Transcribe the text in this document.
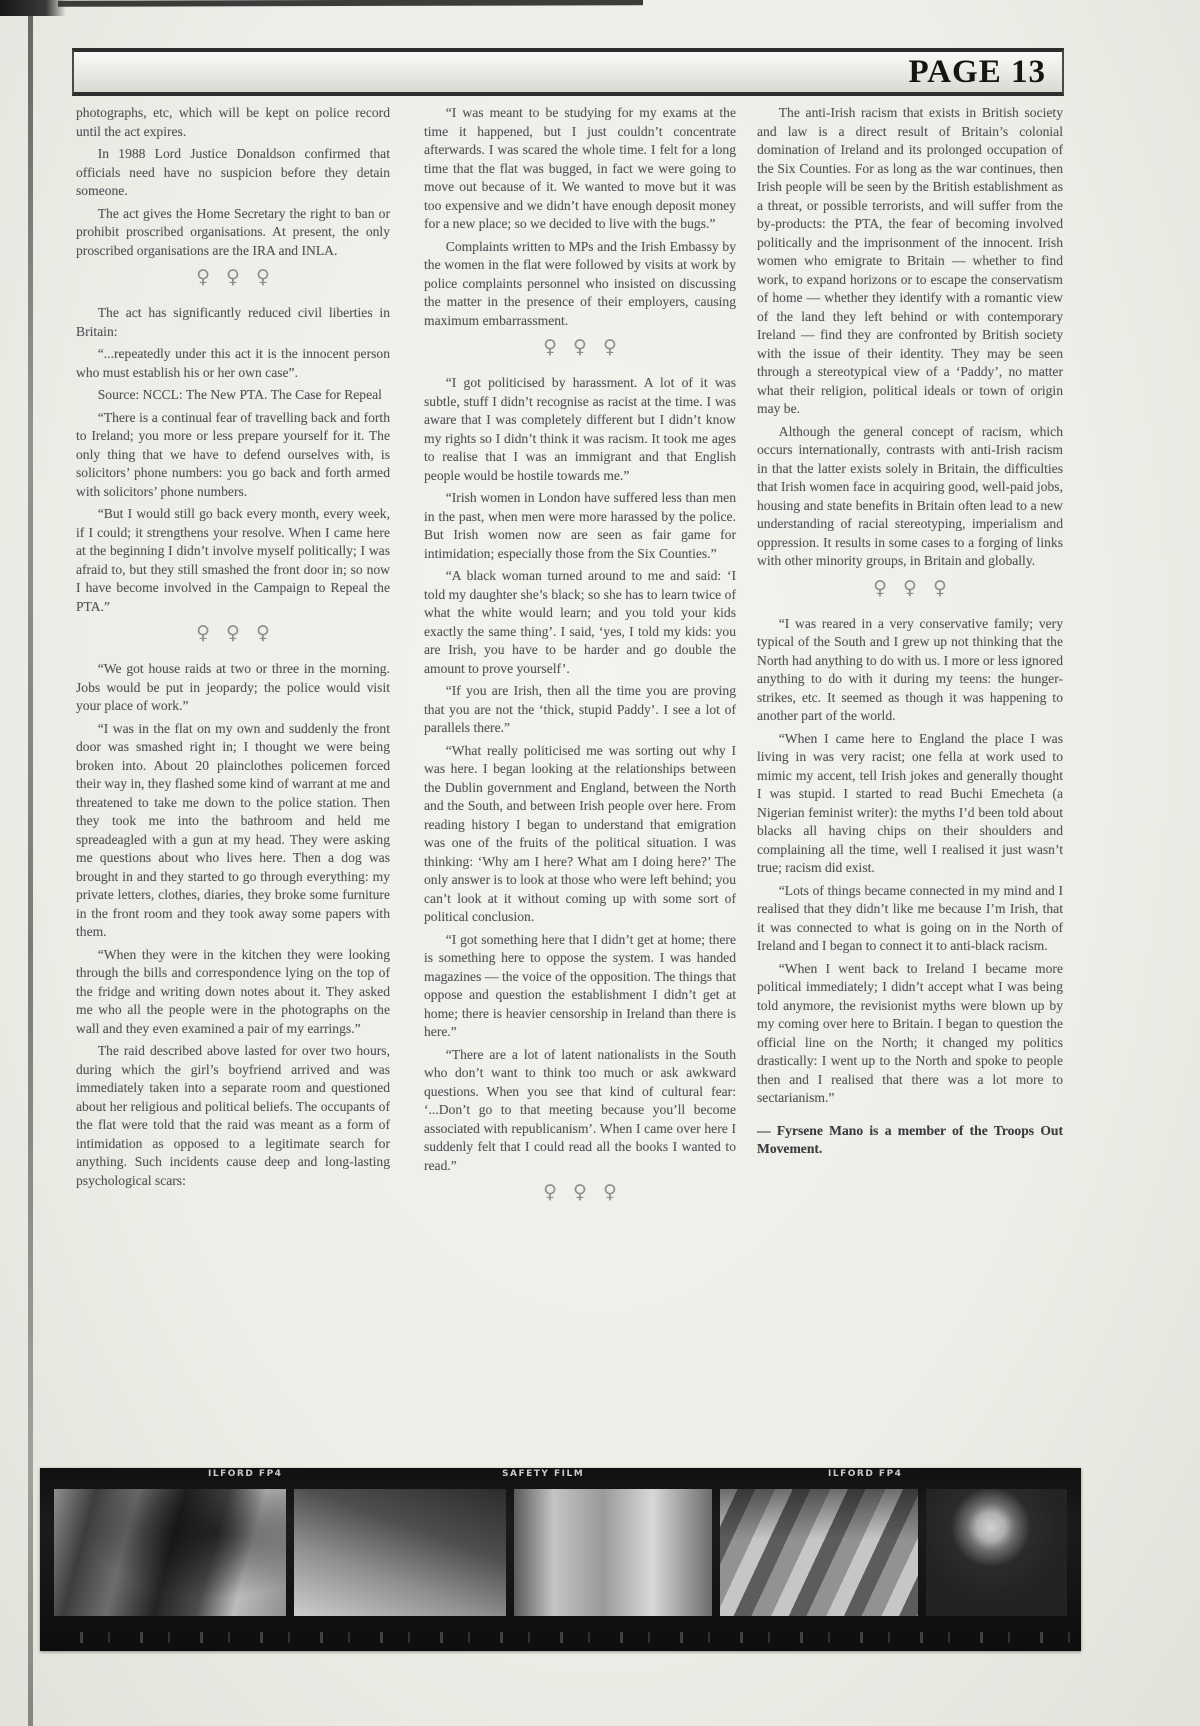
PAGE 13

photographs, etc, which will be kept on police record until the act expires.

In 1988 Lord Justice Donaldson confirmed that officials need have no suspicion before they detain someone.

The act gives the Home Secretary the right to ban or prohibit proscribed organisations. At present, the only proscribed organisations are the IRA and INLA.

♀♀♀

The act has significantly reduced civil liberties in Britain:

“...repeatedly under this act it is the innocent person who must establish his or her own case”.

Source: NCCL: The New PTA. The Case for Repeal

“There is a continual fear of travelling back and forth to Ireland; you more or less prepare yourself for it. The only thing that we have to defend ourselves with, is solicitors’ phone numbers: you go back and forth armed with solicitors’ phone numbers.

“But I would still go back every month, every week, if I could; it strengthens your resolve. When I came here at the beginning I didn’t involve myself politically; I was afraid to, but they still smashed the front door in; so now I have become involved in the Campaign to Repeal the PTA.”

♀♀♀

“We got house raids at two or three in the morning. Jobs would be put in jeopardy; the police would visit your place of work.”

“I was in the flat on my own and suddenly the front door was smashed right in; I thought we were being broken into. About 20 plainclothes policemen forced their way in, they flashed some kind of warrant at me and threatened to take me down to the police station. Then they took me into the bathroom and held me spreadeagled with a gun at my head. They were asking me questions about who lives here. Then a dog was brought in and they started to go through everything: my private letters, clothes, diaries, they broke some furniture in the front room and they took away some papers with them.

“When they were in the kitchen they were looking through the bills and correspondence lying on the top of the fridge and writing down notes about it. They asked me who all the people were in the photographs on the wall and they even examined a pair of my earrings.”

The raid described above lasted for over two hours, during which the girl’s boyfriend arrived and was immediately taken into a separate room and questioned about her religious and political beliefs. The occupants of the flat were told that the raid was meant as a form of intimidation as opposed to a legitimate search for anything. Such incidents cause deep and long-lasting psychological scars:

“I was meant to be studying for my exams at the time it happened, but I just couldn’t concentrate afterwards. I was scared the whole time. I felt for a long time that the flat was bugged, in fact we were going to move out because of it. We wanted to move but it was too expensive and we didn’t have enough deposit money for a new place; so we decided to live with the bugs.”

Complaints written to MPs and the Irish Embassy by the women in the flat were followed by visits at work by police complaints personnel who insisted on discussing the matter in the presence of their employers, causing maximum embarrassment.

♀♀♀

“I got politicised by harassment. A lot of it was subtle, stuff I didn’t recognise as racist at the time. I was aware that I was completely different but I didn’t know my rights so I didn’t think it was racism. It took me ages to realise that I was an immigrant and that English people would be hostile towards me.”

“Irish women in London have suffered less than men in the past, when men were more harassed by the police. But Irish women now are seen as fair game for intimidation; especially those from the Six Counties.”

“A black woman turned around to me and said: ‘I told my daughter she’s black; so she has to learn twice of what the white would learn; and you told your kids exactly the same thing’. I said, ‘yes, I told my kids: you are Irish, you have to be harder and go double the amount to prove yourself’.

“If you are Irish, then all the time you are proving that you are not the ‘thick, stupid Paddy’. I see a lot of parallels there.”

“What really politicised me was sorting out why I was here. I began looking at the relationships between the Dublin government and England, between the North and the South, and between Irish people over here. From reading history I began to understand that emigration was one of the fruits of the political situation. I was thinking: ‘Why am I here? What am I doing here?’ The only answer is to look at those who were left behind; you can’t look at it without coming up with some sort of political conclusion.

“I got something here that I didn’t get at home; there is something here to oppose the system. I was handed magazines — the voice of the opposition. The things that oppose and question the establishment I didn’t get at home; there is heavier censorship in Ireland than there is here.”

“There are a lot of latent nationalists in the South who don’t want to think too much or ask awkward questions. When you see that kind of cultural fear: ‘...Don’t go to that meeting because you’ll become associated with republicanism’. When I came over here I suddenly felt that I could read all the books I wanted to read.”

♀♀♀

The anti-Irish racism that exists in British society and law is a direct result of Britain’s colonial domination of Ireland and its prolonged occupation of the Six Counties. For as long as the war continues, then Irish people will be seen by the British establishment as a threat, or possible terrorists, and will suffer from the by-products: the PTA, the fear of becoming involved politically and the imprisonment of the innocent. Irish women who emigrate to Britain — whether to find work, to expand horizons or to escape the conservatism of home — whether they identify with a romantic view of the land they left behind or with contemporary Ireland — find they are confronted by British society with the issue of their identity. They may be seen through a stereotypical view of a ‘Paddy’, no matter what their religion, political ideals or town of origin may be.

Although the general concept of racism, which occurs internationally, contrasts with anti-Irish racism in that the latter exists solely in Britain, the difficulties that Irish women face in acquiring good, well-paid jobs, housing and state benefits in Britain often lead to a new understanding of racial stereotyping, imperialism and oppression. It results in some cases to a forging of links with other minority groups, in Britain and globally.

♀♀♀

“I was reared in a very conservative family; very typical of the South and I grew up not thinking that the North had anything to do with us. I more or less ignored anything to do with it during my teens: the hunger-strikes, etc. It seemed as though it was happening to another part of the world.

“When I came here to England the place I was living in was very racist; one fella at work used to mimic my accent, tell Irish jokes and generally thought I was stupid. I started to read Buchi Emecheta (a Nigerian feminist writer): the myths I’d been told about blacks all having chips on their shoulders and complaining all the time, well I realised it just wasn’t true; racism did exist.

“Lots of things became connected in my mind and I realised that they didn’t like me because I’m Irish, that it was connected to what is going on in the North of Ireland and I began to connect it to anti-black racism.

“When I went back to Ireland I became more political immediately; I didn’t accept what I was being told anymore, the revisionist myths were blown up by my coming over here to Britain. I began to question the official line on the North; it changed my politics drastically: I went up to the North and spoke to people then and I realised that there was a lot more to sectarianism.”

— Fyrsene Mano is a member of the Troops Out Movement.

ILFORD FP4	SAFETY FILM	ILFORD FP4
